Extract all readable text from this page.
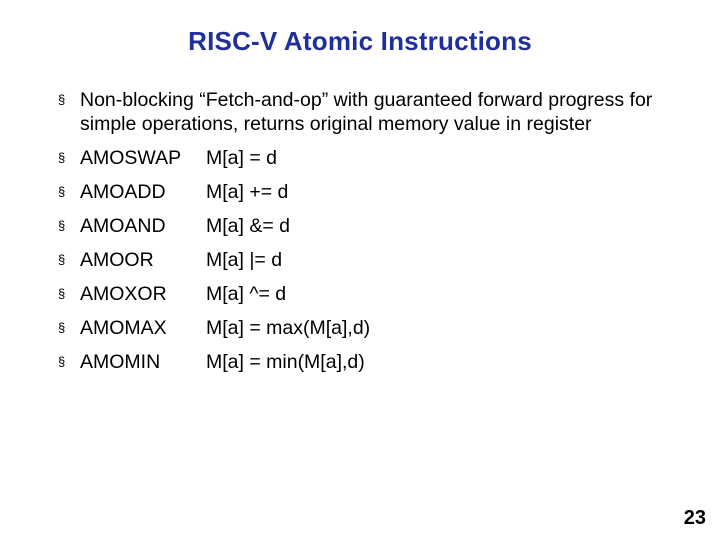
RISC-V Atomic Instructions
§ Non-blocking “Fetch-and-op” with guaranteed forward progress for simple operations, returns original memory value in register
§ AMOSWAP M[a] = d
§ AMOADD M[a] += d
§ AMOAND M[a] &= d
§ AMOOR	M[a] |= d
§ AMOXOR M[a] ^= d
§ AMOMAX M[a] = max(M[a],d)
§ AMOMIN M[a] = min(M[a],d)
23
